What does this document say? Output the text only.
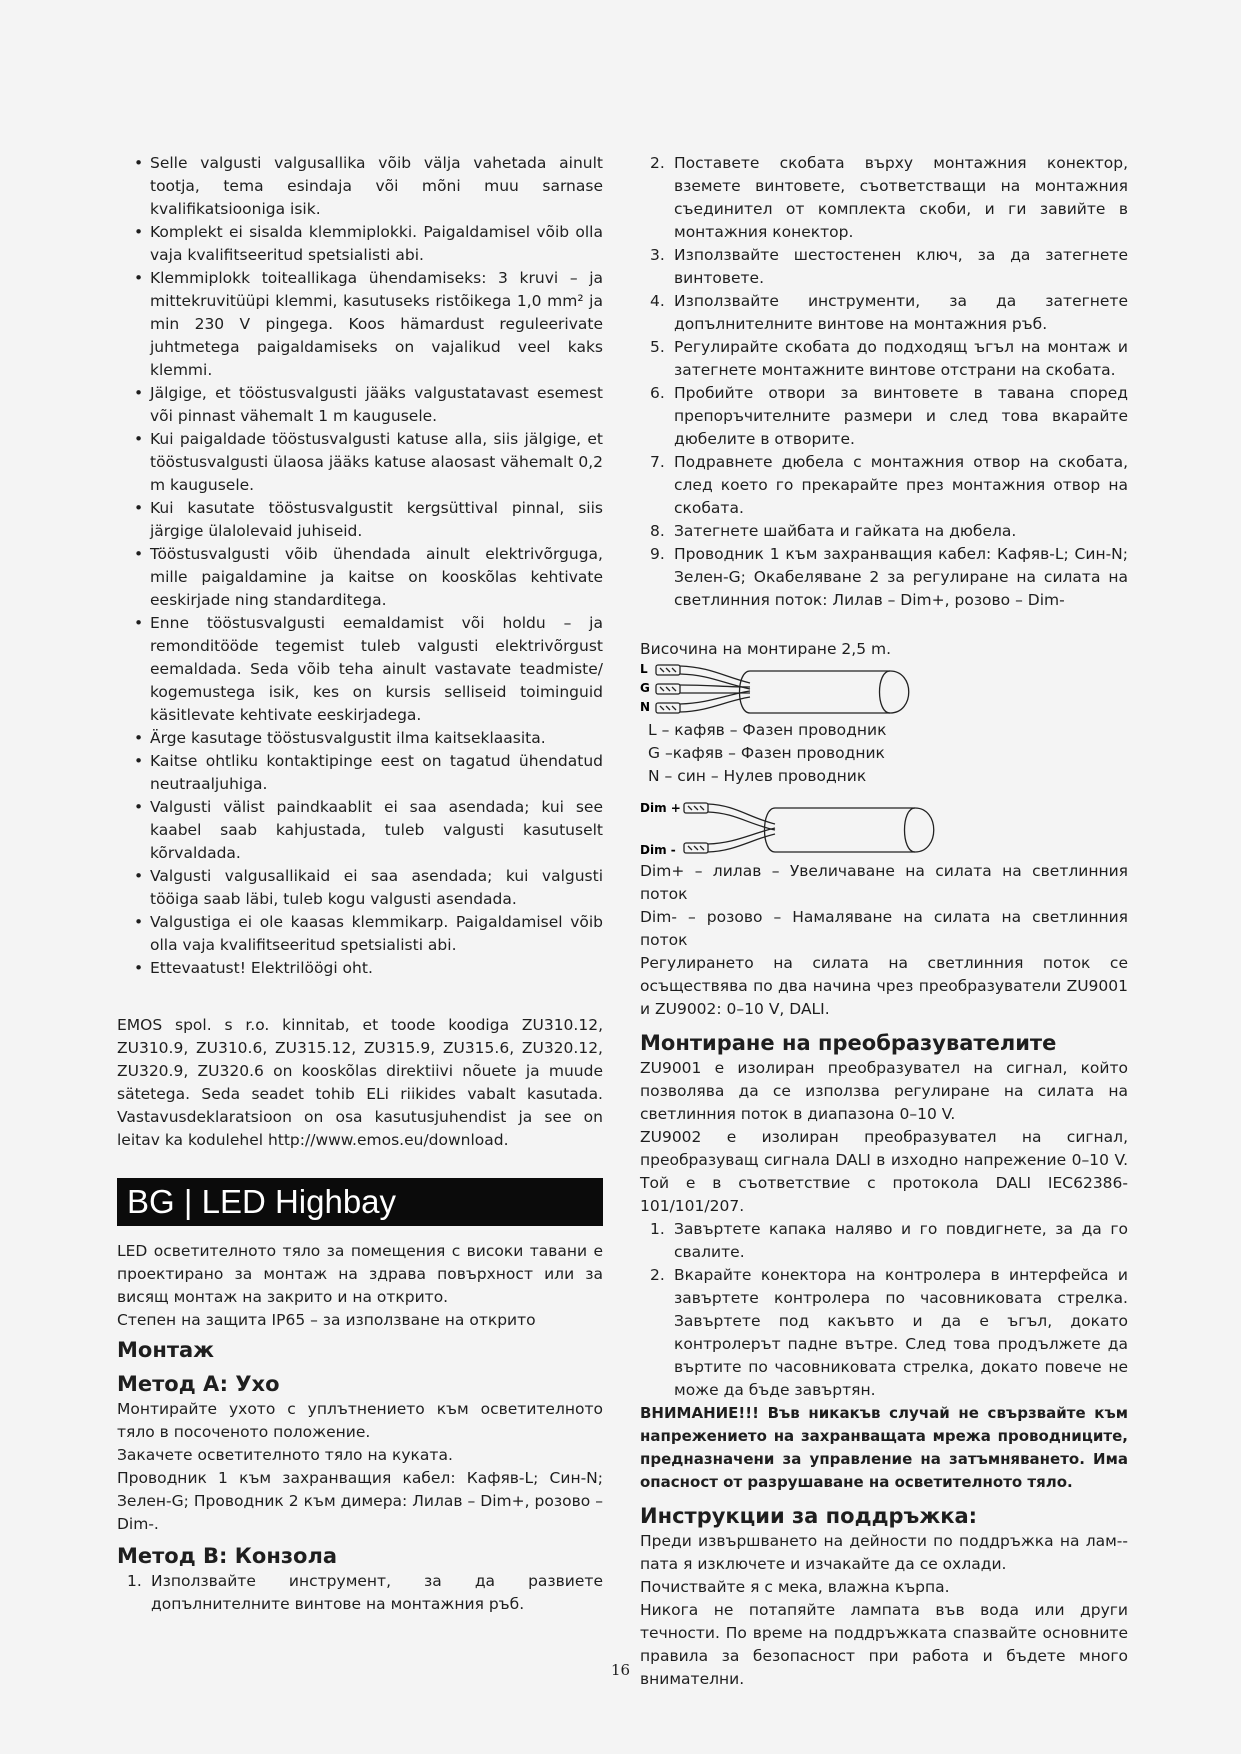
• Selle valgusti valgusallika võib välja vahetada ainult tootja, tema esindaja või mõni muu sarnase kvalifikatsiooniga isik.
• Komplekt ei sisalda klemmiplokki. Paigaldamisel võib olla vaja kvalifitseeritud spetsialisti abi.
• Klemmiplokk toiteallikaga ühendamiseks: 3 kruvi – ja mittekruvitüüpi klemmi, kasutuseks ristõikega 1,0 mm² ja min 230 V pingega. Koos hämardust reguleerivate juhtmetega paigaldamiseks on vajalikud veel kaks klemmi.
• Jälgige, et tööstusvalgusti jääks valgustatavast esemest või pinnast vähemalt 1 m kaugusele.
• Kui paigaldade tööstusvalgusti katuse alla, siis jälgige, et tööstusvalgusti ülaosa jääks katuse alaosast vähemalt 0,2 m kaugusele.
• Kui kasutate tööstusvalgustit kergsüttival pinnal, siis järgige ülalolevaid juhiseid.
• Tööstusvalgusti võib ühendada ainult elektrivõrguga, mille paigaldamine ja kaitse on kooskõlas kehtivate eeskirjade ning standarditega.
• Enne tööstusvalgusti eemaldamist või holdu – ja remonditööde tegemist tuleb valgusti elektrivõrgust eemaldada. Seda võib teha ainult vastavate teadmiste/ kogemustega isik, kes on kursis selliseid toiminguid käsitlevate kehtivate eeskirjadega.
• Ärge kasutage tööstusvalgustit ilma kaitseklaasita.
• Kaitse ohtliku kontaktipinge eest on tagatud ühendatud neutraaljuhiga.
• Valgusti välist paindkaablit ei saa asendada; kui see kaabel saab kahjustada, tuleb valgusti kasutuselt kõrvaldada.
• Valgusti valgusallikaid ei saa asendada; kui valgusti tööiga saab läbi, tuleb kogu valgusti asendada.
• Valgustiga ei ole kaasas klemmikarp. Paigaldamisel võib olla vaja kvalifitseeritud spetsialisti abi.
• Ettevaatust! Elektrilöögi oht.

EMOS spol. s r.o. kinnitab, et toode koodiga ZU310.12, ZU310.9, ZU310.6, ZU315.12, ZU315.9, ZU315.6, ZU320.12, ZU320.9, ZU320.6 on kooskõlas direktiivi nõuete ja muude sätetega. Seda seadet tohib ELi riikides vabalt kasutada. Vastavusdeklaratsioon on osa kasutusjuhendist ja see on leitav ka kodulehel http://www.emos.eu/download.

BG | LED Highbay

LED осветителното тяло за помещения с високи тавани е проектирано за монтаж на здрава повърхност или за висящ монтаж на закрито и на открито.

Степен на защита IP65 – за използване на открито

Монтаж
Метод A: Ухо

Монтирайте ухото с уплътнението към осветителното тяло в посоченото положение.

Закачете осветителното тяло на куката.

Проводник 1 към захранващия кабел: Кафяв-L; Син-N; Зелен-G; Проводник 2 към димера: Лилав – Dim+, розово – Dim-.

Метод B: Конзола
1. Използвайте инструмент, за да развиете допълнителните винтове на монтажния ръб.
2. Поставете скобата върху монтажния конектор, вземете винтовете, съответстващи на монтажния съединител от комплекта скоби, и ги завийте в монтажния конектор.
3. Използвайте шестостенен ключ, за да затегнете винтовете.
4. Използвайте инструменти, за да затегнете допълнителните винтове на монтажния ръб.
5. Регулирайте скобата до подходящ ъгъл на монтаж и затегнете монтажните винтове отстрани на скобата.
6. Пробийте отвори за винтовете в тавана според препоръчителните размери и след това вкарайте дюбелите в отворите.
7. Подравнете дюбела с монтажния отвор на скобата, след което го прекарайте през монтажния отвор на скобата.
8. Затегнете шайбата и гайката на дюбела.
9. Проводник 1 към захранващия кабел: Кафяв-L; Син-N; Зелен-G; Окабеляване 2 за регулиране на силата на светлинния поток: Лилав – Dim+, розово – Dim-

Височина на монтиране 2,5 m.

L
G
N

L – кафяв – Фазен проводник

G –кафяв – Фазен проводник

N – син – Нулев проводник

Dim +
Dim -

Dim+ – лилав – Увеличаване на силата на светлинния поток

Dim- – розово – Намаляване на силата на светлинния поток

Регулирането на силата на светлинния поток се осъществява по два начина чрез преобразуватели ZU9001 и ZU9002: 0–10 V, DALI.

Монтиране на преобразувателите

ZU9001 е изолиран преобразувател на сигнал, който позволява да се използва регулиране на силата на светлинния поток в диапазона 0–10 V.

ZU9002 е изолиран преобразувател на сигнал, преобразуващ сигнала DALI в изходно напрежение 0–10 V. Той е в съответствие с протокола DALI IEC62386-101/101/207.

1. Завъртете капака наляво и го повдигнете, за да го свалите.
2. Вкарайте конектора на контролера в интерфейса и завъртете контролера по часовниковата стрелка. Завъртете под какъвто и да е ъгъл, докато контролерът падне вътре. След това продължете да въртите по часовниковата стрелка, докато повече не може да бъде завъртян.

ВНИМАНИЕ!!! Във никакъв случай не свързвайте към напрежението на захранващата мрежа проводниците, предназначени за управление на затъмняването. Има опасност от разрушаване на осветителното тяло.

Инструкции за поддръжка:

Преди извършването на дейности по поддръжка на лам--пата я изключете и изчакайте да се охлади.

Почиствайте я с мека, влажна кърпа.

Никога не потапяйте лампата във вода или други течности. По време на поддръжката спазвайте основните правила за безопасност при работа и бъдете много внимателни.

16
